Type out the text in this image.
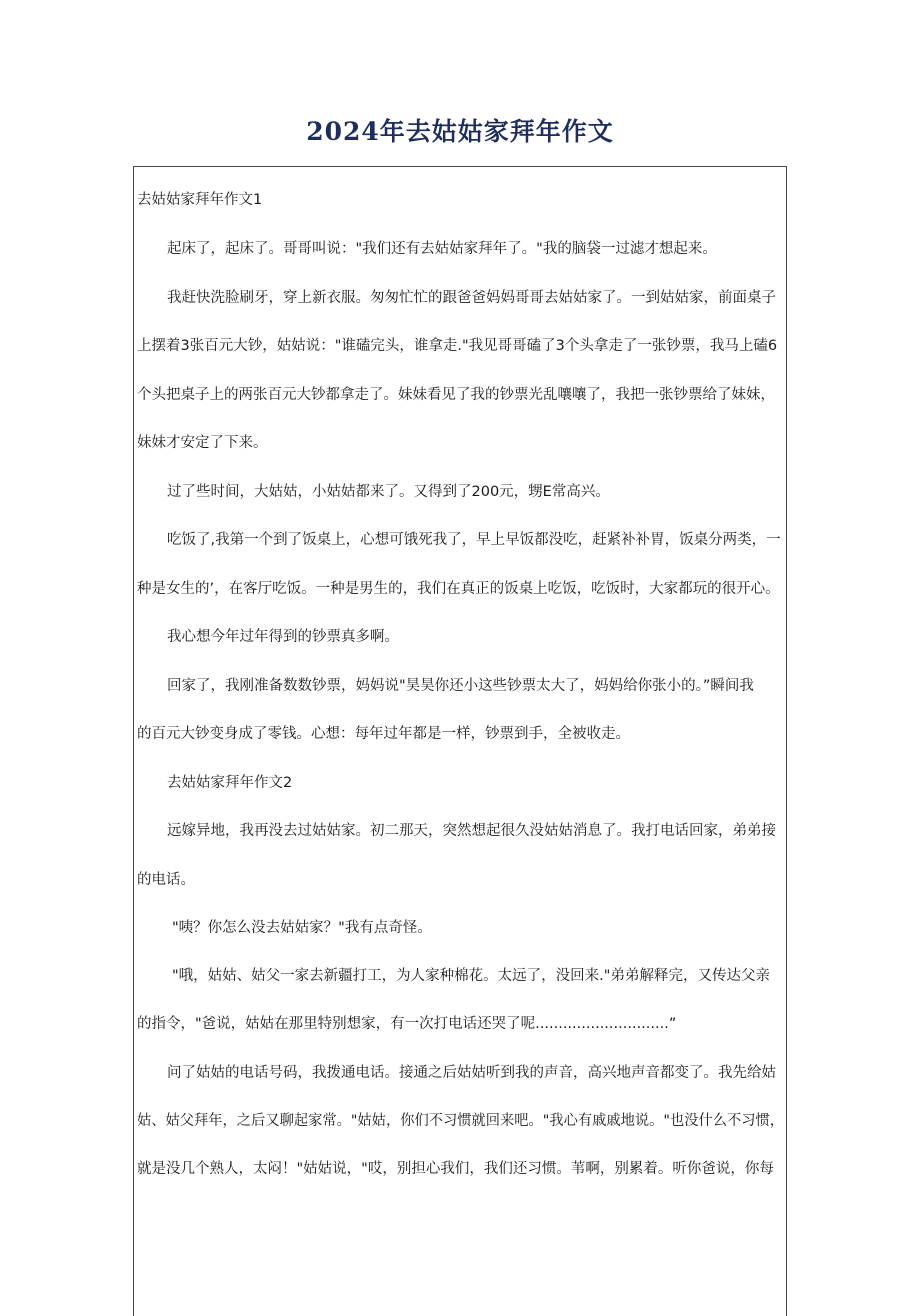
2024年去姑姑家拜年作文
去姑姑家拜年作文1
起床了，起床了。哥哥叫说："我们还有去姑姑家拜年了。"我的脑袋一过滤才想起来。
我赶快洗脸刷牙，穿上新衣服。匆匆忙忙的跟爸爸妈妈哥哥去姑姑家了。一到姑姑家，前面桌子
上摆着3张百元大钞，姑姑说："谁磕完头，谁拿走."我见哥哥磕了3个头拿走了一张钞票，我马上磕6
个头把桌子上的两张百元大钞都拿走了。妹妹看见了我的钞票光乱嚷嚷了，我把一张钞票给了妹妹，
妹妹才安定了下来。
过了些时间，大姑姑，小姑姑都来了。又得到了200元，甥E常高兴。
吃饭了,我第一个到了饭桌上，心想可饿死我了，早上早饭都没吃，赶紧补补胃，饭桌分两类，一
种是女生的’，在客厅吃饭。一种是男生的，我们在真正的饭桌上吃饭，吃饭时，大家都玩的很开心。
我心想今年过年得到的钞票真多啊。
回家了，我刚准备数数钞票，妈妈说"昊昊你还小这些钞票太大了，妈妈给你张小的。”瞬间我
的百元大钞变身成了零钱。心想：每年过年都是一样，钞票到手，全被收走。
去姑姑家拜年作文2
远嫁异地，我再没去过姑姑家。初二那天，突然想起很久没姑姑消息了。我打电话回家，弟弟接
的电话。
"咦？你怎么没去姑姑家？"我有点奇怪。
"哦，姑姑、姑父一家去新疆打工，为人家种棉花。太远了，没回来."弟弟解释完，又传达父亲
的指令，"爸说，姑姑在那里特别想家，有一次打电话还哭了呢.............................”
问了姑姑的电话号码，我拨通电话。接通之后姑姑听到我的声音，高兴地声音都变了。我先给姑
姑、姑父拜年，之后又聊起家常。"姑姑，你们不习惯就回来吧。"我心有戚戚地说。"也没什么不习惯，
就是没几个熟人，太闷！"姑姑说，"哎，别担心我们，我们还习惯。苇啊，别累着。听你爸说，你每
